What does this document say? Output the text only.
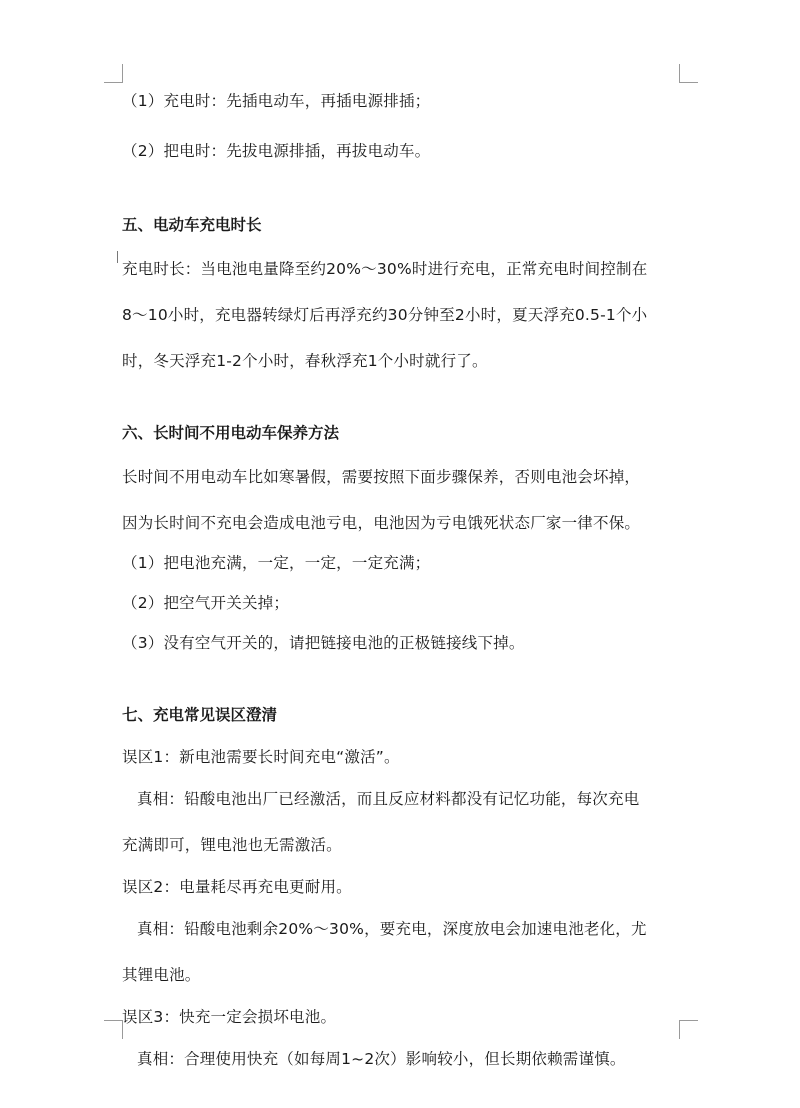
（1）充电时：先插电动车，再插电源排插；

（2）把电时：先拔电源排插，再拔电动车。

五、电动车充电时长

充电时长：当电池电量降至约20%～30%时进行充电，正常充电时间控制在

8～10小时，充电器转绿灯后再浮充约30分钟至2小时，夏天浮充0.5-1个小

时，冬天浮充1-2个小时，春秋浮充1个小时就行了。

六、长时间不用电动车保养方法

长时间不用电动车比如寒暑假，需要按照下面步骤保养，否则电池会坏掉，

因为长时间不充电会造成电池亏电，电池因为亏电饿死状态厂家一律不保。

（1）把电池充满，一定，一定，一定充满；

（2）把空气开关关掉；

（3）没有空气开关的，请把链接电池的正极链接线下掉。

七、充电常见误区澄清

误区1：新电池需要长时间充电“激活”。

真相：铅酸电池出厂已经激活，而且反应材料都没有记忆功能，每次充电

充满即可，锂电池也无需激活。

误区2：电量耗尽再充电更耐用。

真相：铅酸电池剩余20%～30%，要充电，深度放电会加速电池老化，尤

其锂电池。

误区3：快充一定会损坏电池。

真相：合理使用快充（如每周1~2次）影响较小，但长期依赖需谨慎。
